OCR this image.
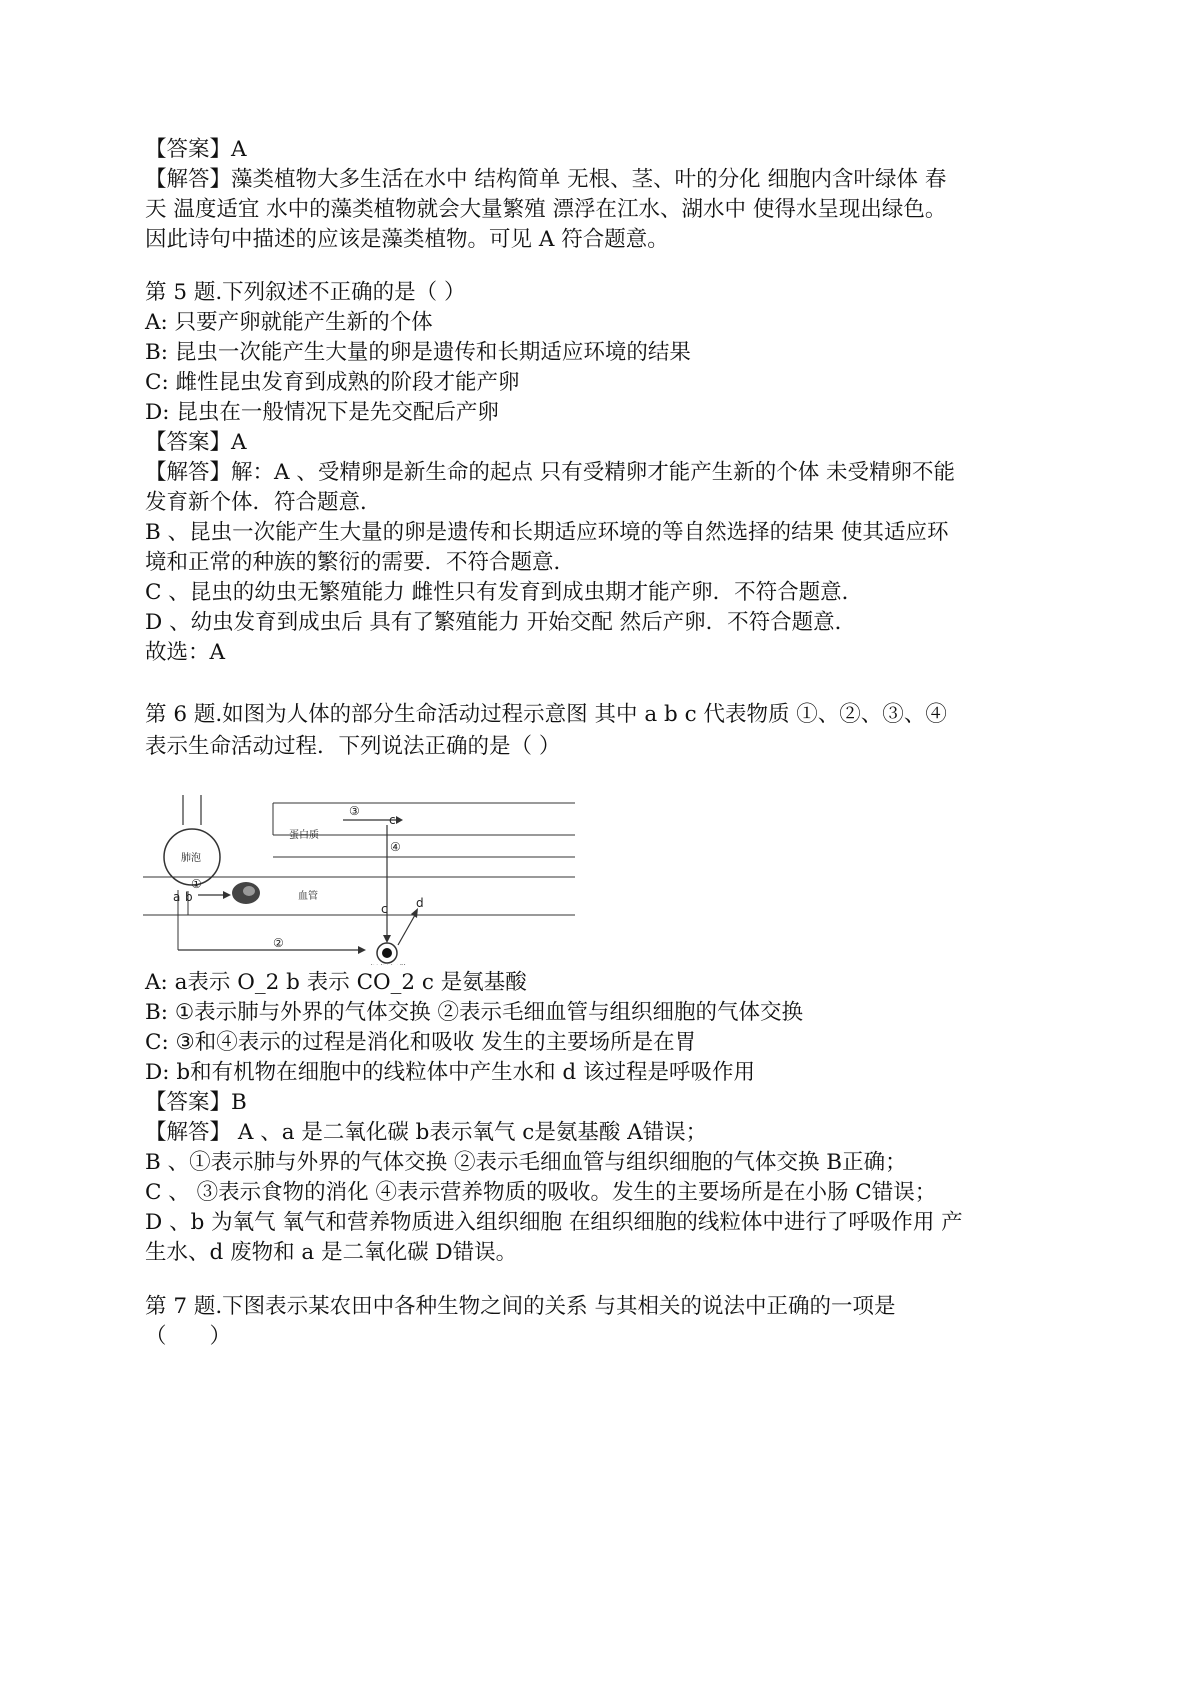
【答案】A
【解答】藻类植物大多生活在水中 结构简单 无根、茎、叶的分化 细胞内含叶绿体 春
天 温度适宜 水中的藻类植物就会大量繁殖 漂浮在江水、湖水中 使得水呈现出绿色。
因此诗句中描述的应该是藻类植物。可见 A 符合题意。
第 5 题.下列叙述不正确的是（ ）
A: 只要产卵就能产生新的个体
B: 昆虫一次能产生大量的卵是遗传和长期适应环境的结果
C: 雌性昆虫发育到成熟的阶段才能产卵
D: 昆虫在一般情况下是先交配后产卵
【答案】A
【解答】解：A 、受精卵是新生命的起点 只有受精卵才能产生新的个体 未受精卵不能
发育新个体．符合题意．
B 、昆虫一次能产生大量的卵是遗传和长期适应环境的等自然选择的结果 使其适应环
境和正常的种族的繁衍的需要．不符合题意．
C 、昆虫的幼虫无繁殖能力 雌性只有发育到成虫期才能产卵．不符合题意．
D 、幼虫发育到成虫后 具有了繁殖能力 开始交配 然后产卵．不符合题意．
故选：A
第 6 题.如图为人体的部分生命活动过程示意图 其中 a b c 代表物质 ①、②、③、④
表示生命活动过程．下列说法正确的是（ ）
肺泡
蛋白质
血管
①
②
③
④
a b
c
c d
A: a表示 O_2 b 表示 CO_2 c 是氨基酸
B: ①表示肺与外界的气体交换 ②表示毛细血管与组织细胞的气体交换
C: ③和④表示的过程是消化和吸收 发生的主要场所是在胃
D: b和有机物在细胞中的线粒体中产生水和 d 该过程是呼吸作用
【答案】B
【解答】 A 、a 是二氧化碳 b表示氧气 c是氨基酸 A错误；
B 、①表示肺与外界的气体交换 ②表示毛细血管与组织细胞的气体交换 B正确；
C 、 ③表示食物的消化 ④表示营养物质的吸收。发生的主要场所是在小肠 C错误；
D 、b 为氧气 氧气和营养物质进入组织细胞 在组织细胞的线粒体中进行了呼吸作用 产
生水、d 废物和 a 是二氧化碳 D错误。
第 7 题.下图表示某农田中各种生物之间的关系 与其相关的说法中正确的一项是
（　　）
